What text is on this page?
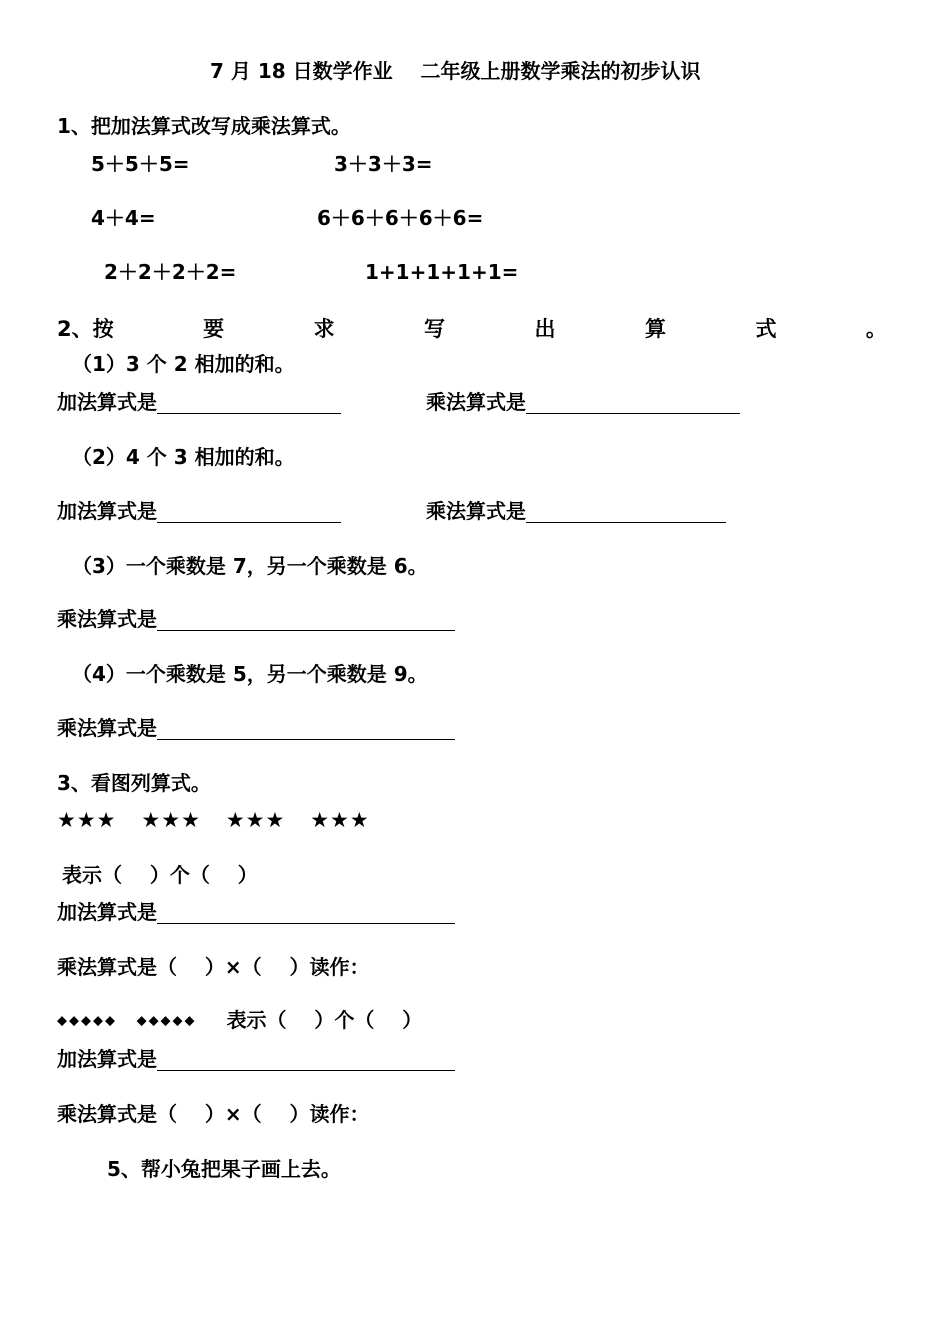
7 月 18 日数学作业    二年级上册数学乘法的初步认识
1、把加法算式改写成乘法算式。
5＋5＋5=	3＋3＋3=
4＋4=	6＋6＋6＋6＋6=
2＋2＋2＋2=	1+1+1+1+1=
2、按	要	求	写	出	算	式	。
（1）3 个 2 相加的和。
加法算式是	乘法算式是
（2）4 个 3 相加的和。
加法算式是	乘法算式是
（3）一个乘数是 7，另一个乘数是 6。
乘法算式是
（4）一个乘数是 5，另一个乘数是 9。
乘法算式是
3、看图列算式。
★★★   ★★★   ★★★   ★★★
表示（    ）个（    ）
加法算式是
乘法算式是（    ）×（    ）读作：
◆◆◆◆◆   ◆◆◆◆◆ 表示（    ）个（    ）
加法算式是
乘法算式是（    ）×（    ）读作：
5、帮小兔把果子画上去。
